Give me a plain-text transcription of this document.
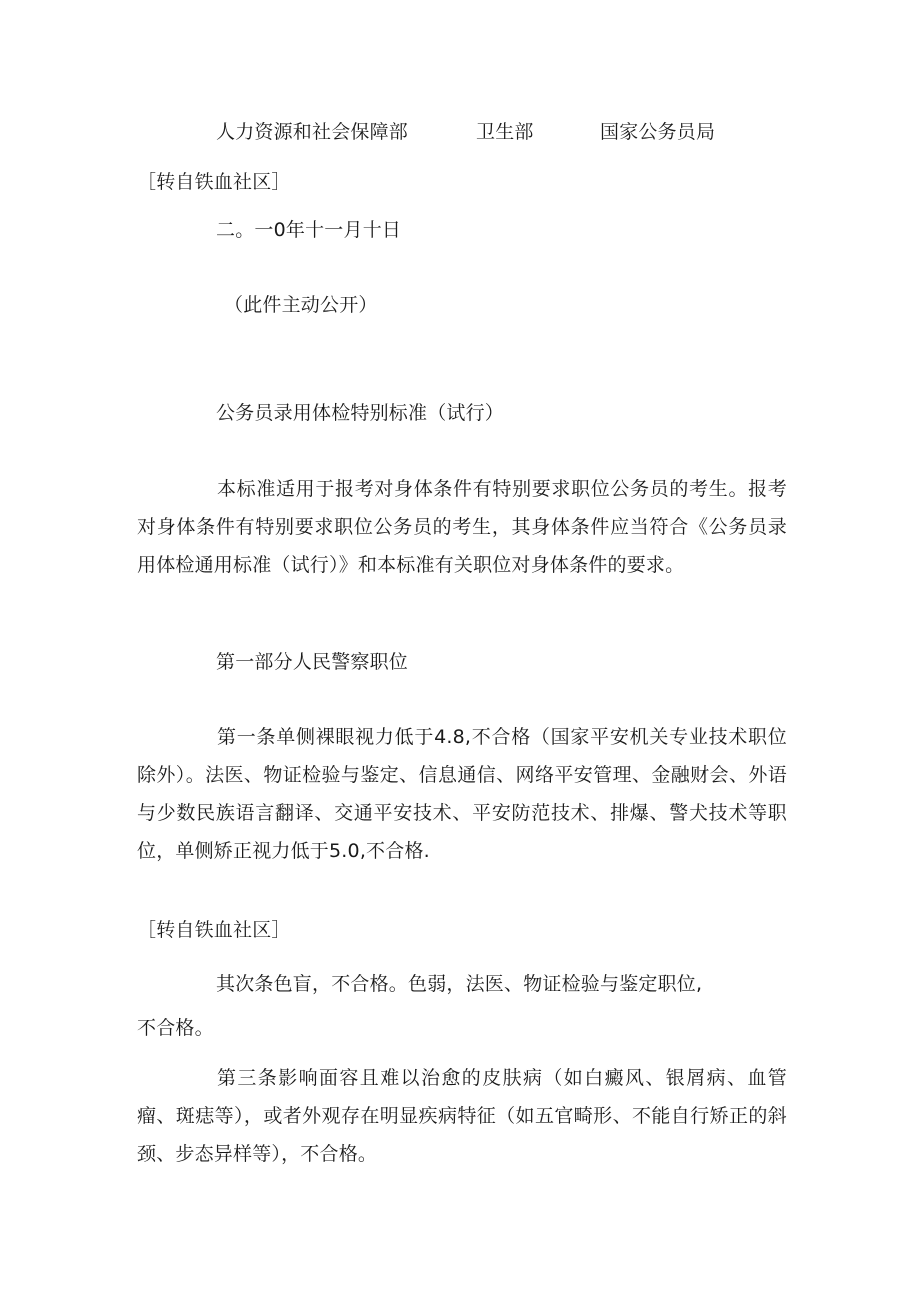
人力资源和社会保障部	卫生部	国家公务员局
［转自铁血社区］
二。一0年十一月十日
（此件主动公开）
公务员录用体检特别标准（试行）

本标准适用于报考对身体条件有特别要求职位公务员的考生。报考对身体条件有特别要求职位公务员的考生，其身体条件应当符合《公务员录用体检通用标准（试行）》和本标准有关职位对身体条件的要求。

第一部分人民警察职位

第一条单侧裸眼视力低于4.8,不合格（国家平安机关专业技术职位除外）。法医、物证检验与鉴定、信息通信、网络平安管理、金融财会、外语与少数民族语言翻译、交通平安技术、平安防范技术、排爆、警犬技术等职位，单侧矫正视力低于5.0,不合格.

［转自铁血社区］
其次条色盲，不合格。色弱，法医、物证检验与鉴定职位,
不合格。

第三条影响面容且难以治愈的皮肤病（如白癜风、银屑病、血管瘤、斑痣等），或者外观存在明显疾病特征（如五官畸形、不能自行矫正的斜颈、步态异样等），不合格。
